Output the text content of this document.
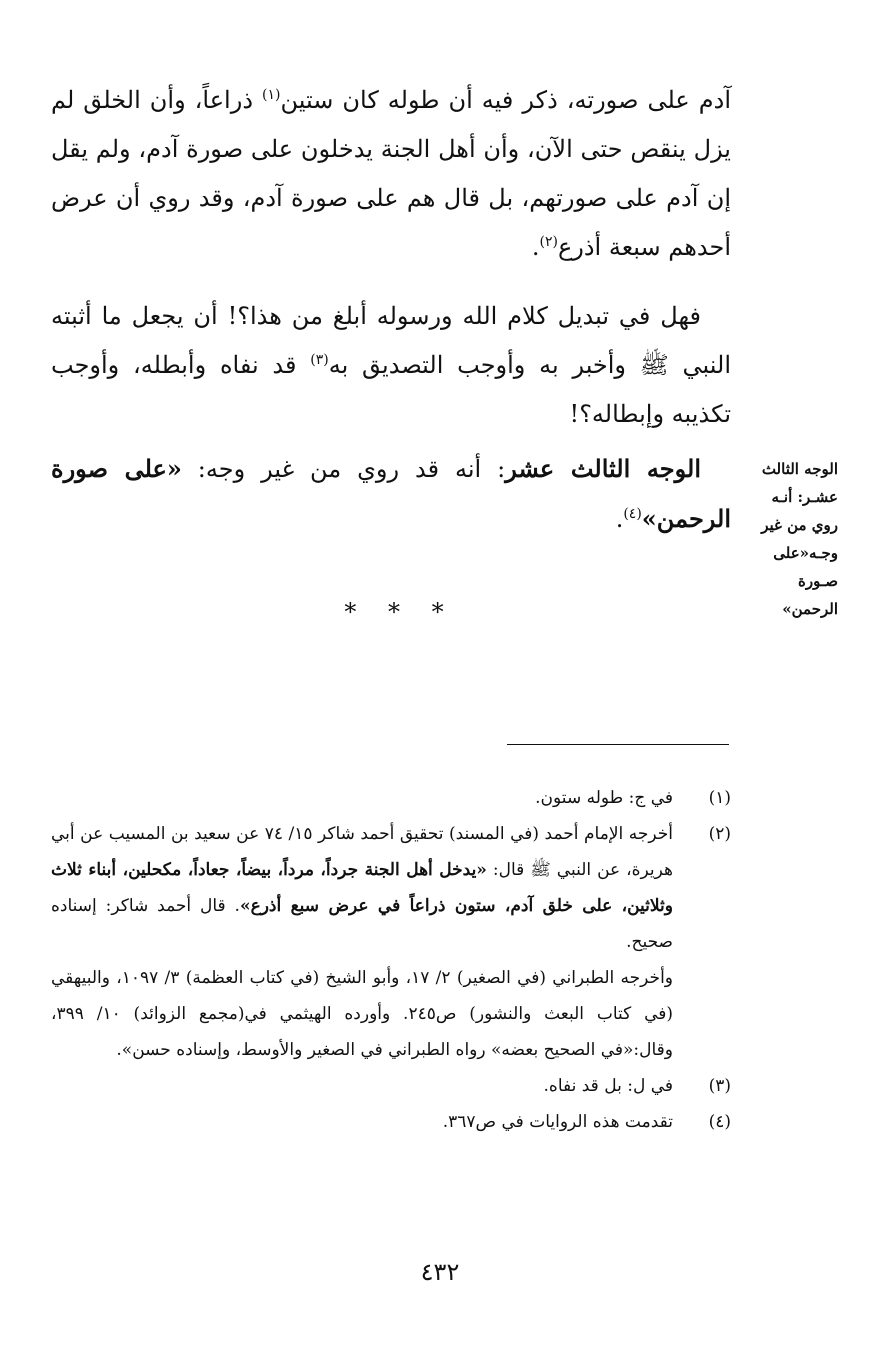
آدم على صورته، ذكر فيه أن طوله كان ستين$^{(١)}$ ذراعاً، وأن الخلق لم يزل ينقص حتى الآن، وأن أهل الجنة يدخلون على صورة آدم، ولم يقل إن آدم على صورتهم، بل قال هم على صورة آدم، وقد روي أن عرض أحدهم سبعة أذرع$^{(٢)}$.

فهل في تبديل كلام الله ورسوله أبلغ من هذا؟! أن يجعل ما أثبته النبي ﷺ وأخبر به وأوجب التصديق به$^{(٣)}$ قد نفاه وأبطله، وأوجب تكذيبه وإبطاله؟!

الوجه الثالث عشر: أنه قد روي من غير وجه: «على صورة الرحمن»$^{(٤)}$.

الوجه الثالث
عشـر: أنـه
روي من غير
وجـه«على
صـورة
الرحمن»
* * *
(١)
في ج: طوله ستون.
(٢)
أخرجه الإمام أحمد (في المسند) تحقيق أحمد شاكر ١٥/ ٧٤ عن سعيد بن المسيب عن أبي هريرة، عن النبي ﷺ قال: «يدخل أهل الجنة جرداً، مرداً، بيضاً، جعاداً، مكحلين، أبناء ثلاث وثلاثين، على خلق آدم، ستون ذراعاً في عرض سبع أذرع». قال أحمد شاكر: إسناده صحيح.
وأخرجه الطبراني (في الصغير) ٢/ ١٧، وأبو الشيخ (في كتاب العظمة) ٣/ ١٠٩٧، والبيهقي (في كتاب البعث والنشور) ص٢٤٥. وأورده الهيثمي في(مجمع الزوائد) ١٠/ ٣٩٩، وقال:«في الصحيح بعضه» رواه الطبراني في الصغير والأوسط، وإسناده حسن».
(٣)
في ل: بل قد نفاه.
(٤)
تقدمت هذه الروايات في ص٣٦٧.
٤٣٢
